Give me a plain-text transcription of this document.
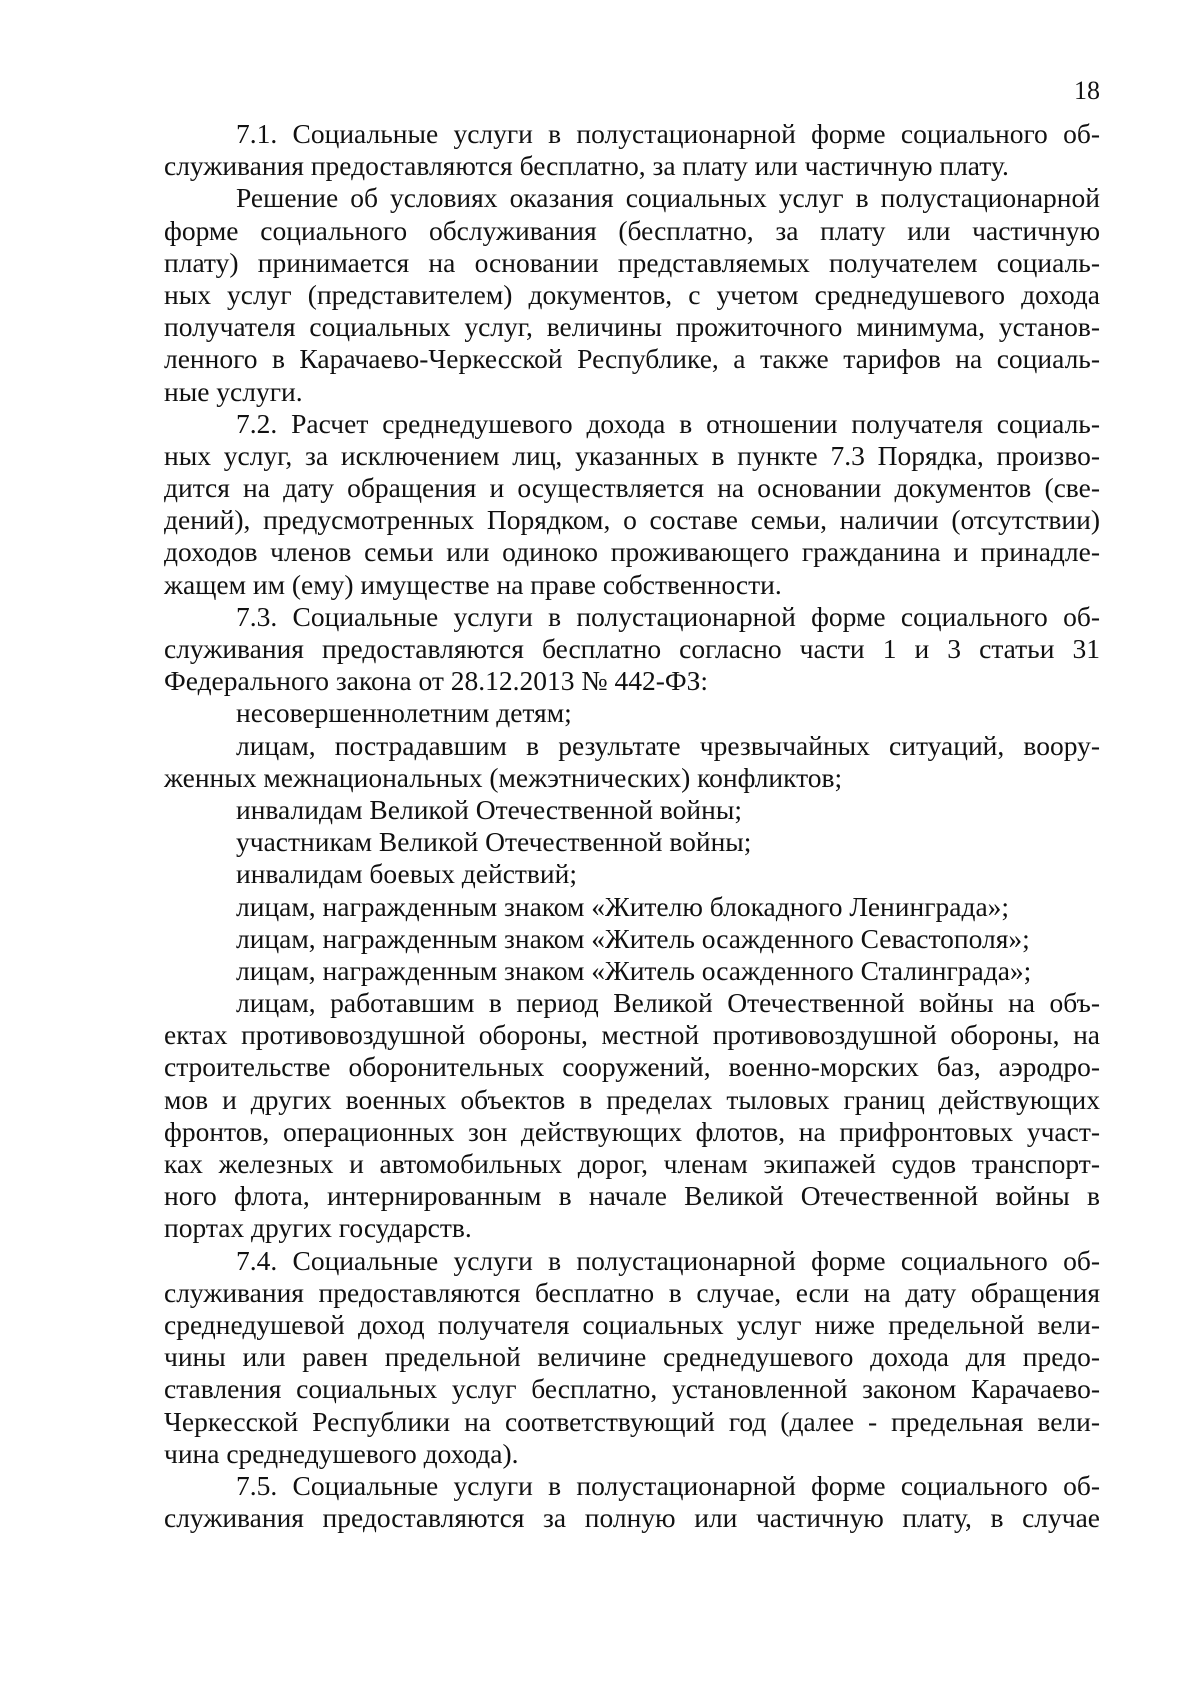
18
7.1. Социальные услуги в полустационарной форме социального об-
служивания предоставляются бесплатно, за плату или частичную плату.
Решение об условиях оказания социальных услуг в полустационарной
форме социального обслуживания (бесплатно, за плату или частичную
плату) принимается на основании представляемых получателем социаль-
ных услуг (представителем) документов, с учетом среднедушевого дохода
получателя социальных услуг, величины прожиточного минимума, установ-
ленного в Карачаево-Черкесской Республике, а также тарифов на социаль-
ные услуги.
7.2. Расчет среднедушевого дохода в отношении получателя социаль-
ных услуг, за исключением лиц, указанных в пункте 7.3 Порядка, произво-
дится на дату обращения и осуществляется на основании документов (све-
дений), предусмотренных Порядком, о составе семьи, наличии (отсутствии)
доходов членов семьи или одиноко проживающего гражданина и принадле-
жащем им (ему) имуществе на праве собственности.
7.3. Социальные услуги в полустационарной форме социального об-
служивания предоставляются бесплатно согласно части 1 и 3 статьи 31
Федерального закона от 28.12.2013 № 442-ФЗ:
несовершеннолетним детям;
лицам, пострадавшим в результате чрезвычайных ситуаций, воору-
женных межнациональных (межэтнических) конфликтов;
инвалидам Великой Отечественной войны;
участникам Великой Отечественной войны;
инвалидам боевых действий;
лицам, награжденным знаком «Жителю блокадного Ленинграда»;
лицам, награжденным знаком «Житель осажденного Севастополя»;
лицам, награжденным знаком «Житель осажденного Сталинграда»;
лицам, работавшим в период Великой Отечественной войны на объ-
ектах противовоздушной обороны, местной противовоздушной обороны, на
строительстве оборонительных сооружений, военно-морских баз, аэродро-
мов и других военных объектов в пределах тыловых границ действующих
фронтов, операционных зон действующих флотов, на прифронтовых участ-
ках железных и автомобильных дорог, членам экипажей судов транспорт-
ного флота, интернированным в начале Великой Отечественной войны в
портах других государств.
7.4. Социальные услуги в полустационарной форме социального об-
служивания предоставляются бесплатно в случае, если на дату обращения
среднедушевой доход получателя социальных услуг ниже предельной вели-
чины или равен предельной величине среднедушевого дохода для предо-
ставления социальных услуг бесплатно, установленной законом Карачаево-
Черкесской Республики на соответствующий год (далее - предельная вели-
чина среднедушевого дохода).
7.5. Социальные услуги в полустационарной форме социального об-
служивания предоставляются за полную или частичную плату, в случае
